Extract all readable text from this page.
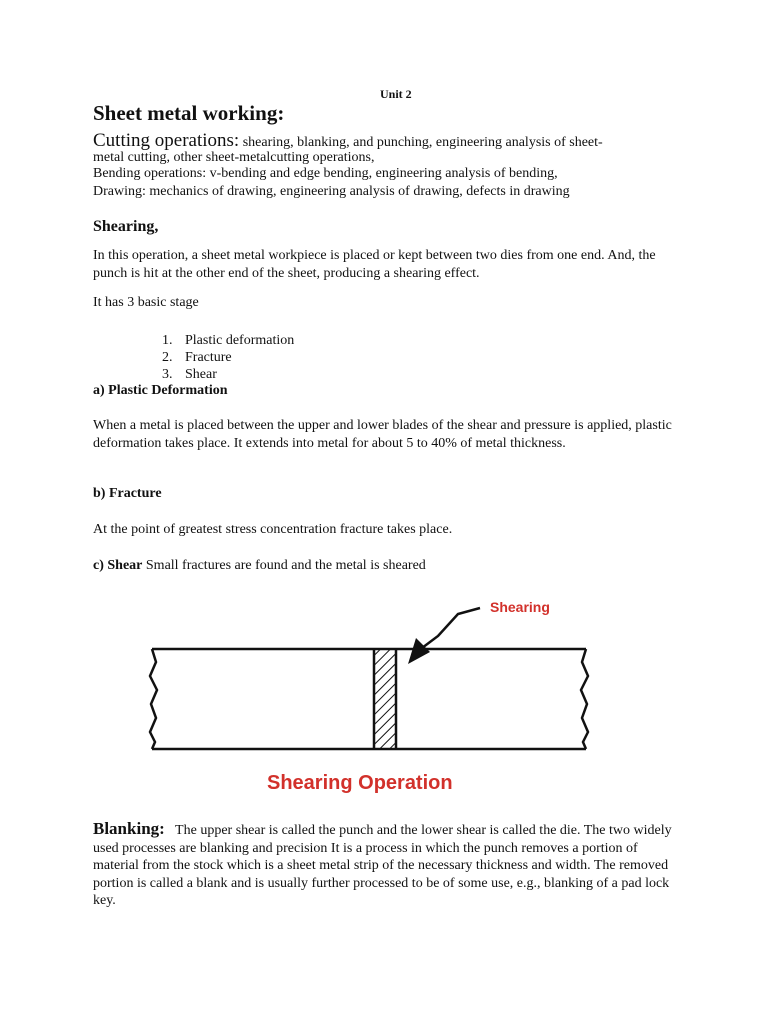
Unit 2
Sheet metal working:
Cutting operations: shearing, blanking, and punching, engineering analysis of sheet-
metal cutting, other sheet-metalcutting operations,
Bending operations: v-bending and edge bending, engineering analysis of bending,
Drawing: mechanics of drawing, engineering analysis of drawing, defects in drawing
Shearing,
In this operation, a sheet metal workpiece is placed or kept between two dies from one end. And, the punch is hit at the other end of the sheet, producing a shearing effect.
It has 3 basic stage
1. Plastic deformation
2. Fracture
3. Shear
a) Plastic Deformation
When a metal is placed between the upper and lower blades of the shear and pressure is applied, plastic deformation takes place. It extends into metal for about 5 to 40% of metal thickness.
b) Fracture
At the point of greatest stress concentration fracture takes place.
c) Shear Small fractures are found and the metal is sheared
Shearing
Shearing Operation
Blanking:   The upper shear is called the punch and the lower shear is called the die. The two widely used processes are blanking and precision It is a process in which the punch removes a portion of material from the stock which is a sheet metal strip of the necessary thickness and width. The removed portion is called a blank and is usually further processed to be of some use, e.g., blanking of a pad lock key.
